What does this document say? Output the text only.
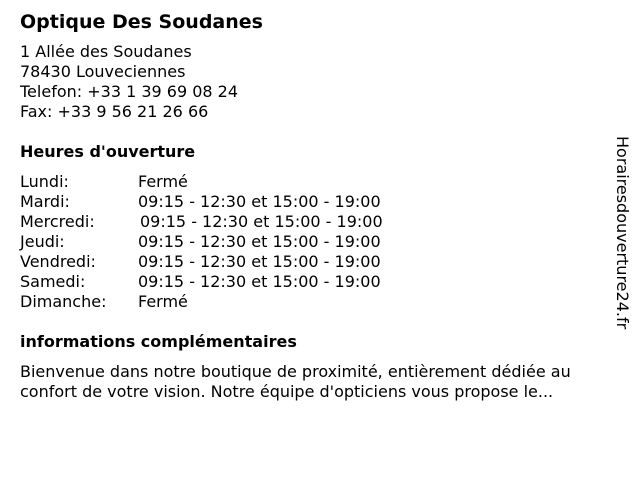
Optique Des Soudanes
1 Allée des Soudanes
78430 Louveciennes
Telefon: +33 1 39 69 08 24
Fax: +33 9 56 21 26 66
Heures d'ouverture
Lundi:	Fermé
Mardi:	09:15 - 12:30 et 15:00 - 19:00
Mercredi:	09:15 - 12:30 et 15:00 - 19:00
Jeudi:	09:15 - 12:30 et 15:00 - 19:00
Vendredi:	09:15 - 12:30 et 15:00 - 19:00
Samedi:	09:15 - 12:30 et 15:00 - 19:00
Dimanche:	Fermé
informations complémentaires
Bienvenue dans notre boutique de proximité, entièrement dédiée au confort de votre vision. Notre équipe d'opticiens vous propose le...
Horairesdouverture24.fr
